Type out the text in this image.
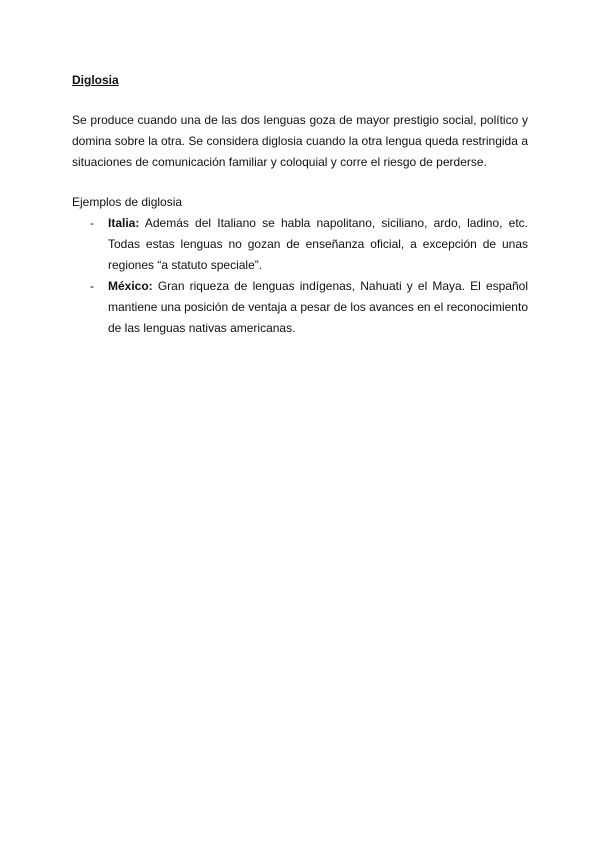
Diglosia

Se produce cuando una de las dos lenguas goza de mayor prestigio social, político y domina sobre la otra. Se considera diglosia cuando la otra lengua queda restringida a situaciones de comunicación familiar y coloquial y corre el riesgo de perderse.

Ejemplos de diglosia

- Italia: Además del Italiano se habla napolitano, siciliano, ardo, ladino, etc. Todas estas lenguas no gozan de enseñanza oficial, a excepción de unas regiones “a statuto speciale”.
- México: Gran riqueza de lenguas indígenas, Nahuati y el Maya. El español mantiene una posición de ventaja a pesar de los avances en el reconocimiento de las lenguas nativas americanas.
